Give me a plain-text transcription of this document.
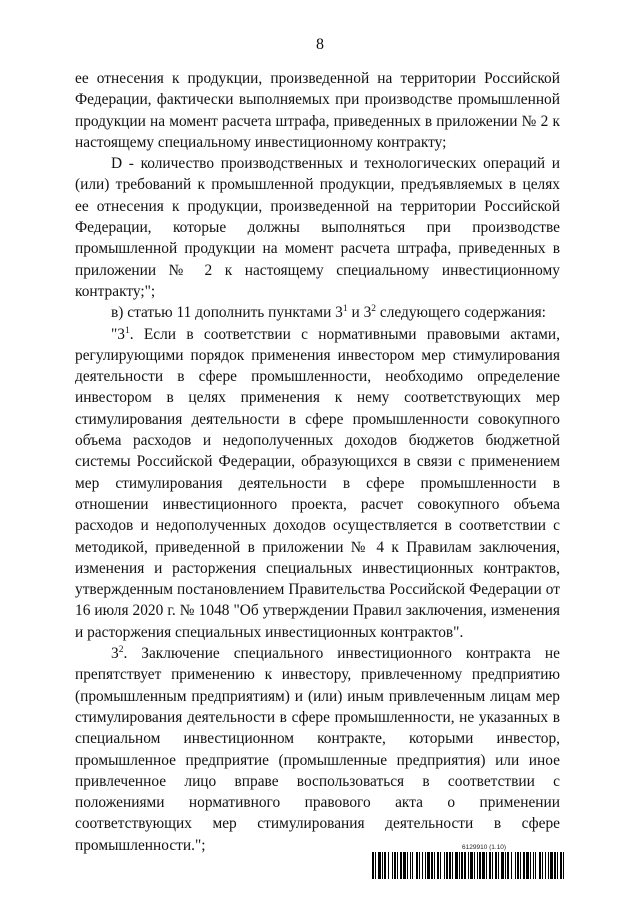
8

ее отнесения к продукции, произведенной на территории Российской Федерации, фактически выполняемых при производстве промышленной продукции на момент расчета штрафа, приведенных в приложении № 2 к настоящему специальному инвестиционному контракту;

D - количество производственных и технологических операций и (или) требований к промышленной продукции, предъявляемых в целях ее отнесения к продукции, произведенной на территории Российской Федерации, которые должны выполняться при производстве промышленной продукции на момент расчета штрафа, приведенных в приложении № 2 к настоящему специальному инвестиционному контракту;";

в) статью 11 дополнить пунктами $3^1$ и $3^2$ следующего содержания:

"$3^1$. Если в соответствии с нормативными правовыми актами, регулирующими порядок применения инвестором мер стимулирования деятельности в сфере промышленности, необходимо определение инвестором в целях применения к нему соответствующих мер стимулирования деятельности в сфере промышленности совокупного объема расходов и недополученных доходов бюджетов бюджетной системы Российской Федерации, образующихся в связи с применением мер стимулирования деятельности в сфере промышленности в отношении инвестиционного проекта, расчет совокупного объема расходов и недополученных доходов осуществляется в соответствии с методикой, приведенной в приложении № 4 к Правилам заключения, изменения и расторжения специальных инвестиционных контрактов, утвержденным постановлением Правительства Российской Федерации от 16 июля 2020 г. № 1048 "Об утверждении Правил заключения, изменения и расторжения специальных инвестиционных контрактов".

$3^2$. Заключение специального инвестиционного контракта не препятствует применению к инвестору, привлеченному предприятию (промышленным предприятиям) и (или) иным привлеченным лицам мер стимулирования деятельности в сфере промышленности, не указанных в специальном инвестиционном контракте, которыми инвестор, промышленное предприятие (промышленные предприятия) или иное привлеченное лицо вправе воспользоваться в соответствии с положениями нормативного правового акта о применении соответствующих мер стимулирования деятельности в сфере промышленности.";	6129910 (1.10)
